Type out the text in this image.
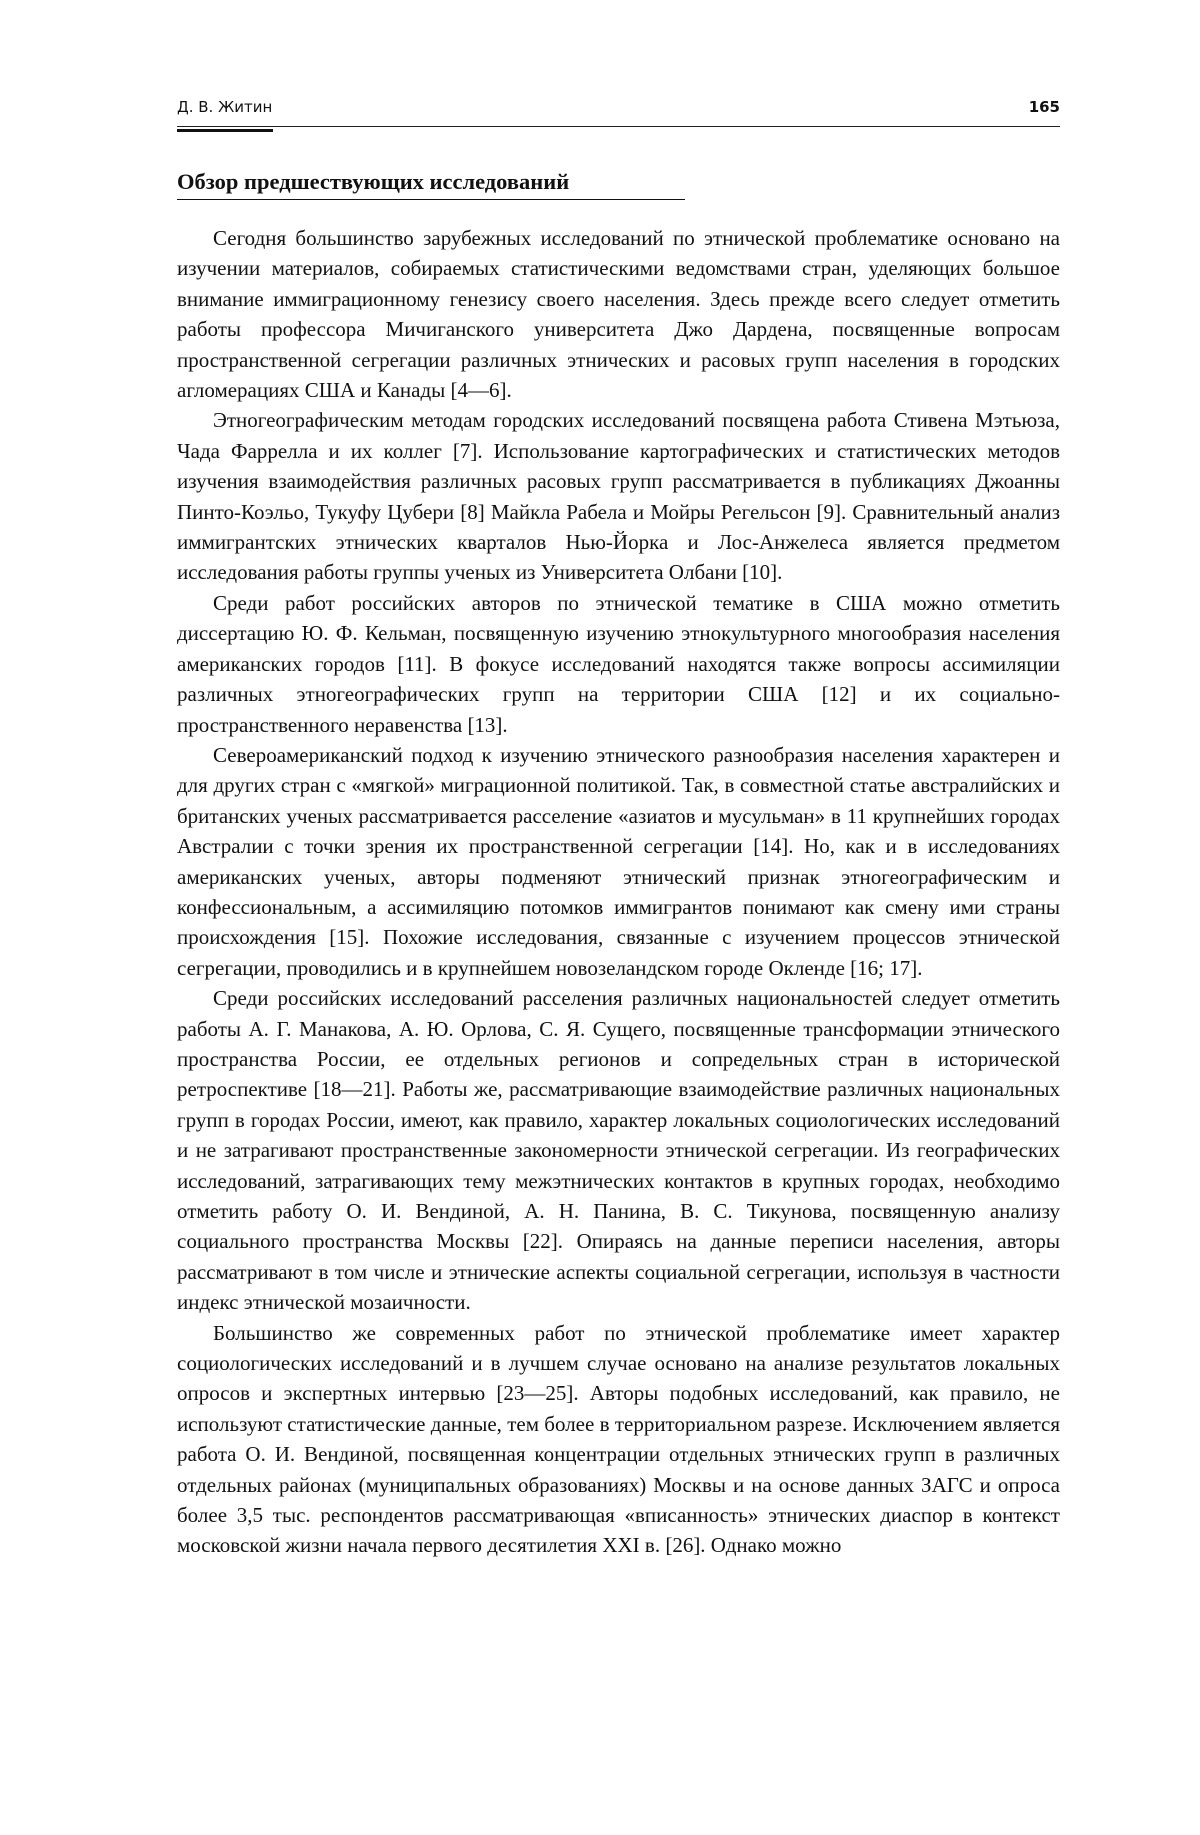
Д. В. Житин	165
Обзор предшествующих исследований

Сегодня большинство зарубежных исследований по этнической проблематике основано на изучении материалов, собираемых статистическими ведомствами стран, уделяющих большое внимание иммиграционному генезису своего населения. Здесь прежде всего следует отметить работы профессора Мичиганского университета Джо Дардена, посвященные вопросам пространственной сегрегации различных этнических и расовых групп населения в городских агломерациях США и Канады [4—6].

Этногеографическим методам городских исследований посвящена работа Стивена Мэтьюза, Чада Фаррелла и их коллег [7]. Использование картографических и статистических методов изучения взаимодействия различных расовых групп рассматривается в публикациях Джоанны Пинто-Коэльо, Тукуфу Цубери [8] Майкла Рабела и Мойры Регельсон [9]. Сравнительный анализ иммигрантских этнических кварталов Нью-Йорка и Лос-Анжелеса является предметом исследования работы группы ученых из Университета Олбани [10].

Среди работ российских авторов по этнической тематике в США можно отметить диссертацию Ю. Ф. Кельман, посвященную изучению этнокультурного многообразия населения американских городов [11]. В фокусе исследований находятся также вопросы ассимиляции различных этногеографических групп на территории США [12] и их социально-пространственного неравенства [13].

Североамериканский подход к изучению этнического разнообразия населения характерен и для других стран с «мягкой» миграционной политикой. Так, в совместной статье австралийских и британских ученых рассматривается расселение «азиатов и мусульман» в 11 крупнейших городах Австралии с точки зрения их пространственной сегрегации [14]. Но, как и в исследованиях американских ученых, авторы подменяют этнический признак этногеографическим и конфессиональным, а ассимиляцию потомков иммигрантов понимают как смену ими страны происхождения [15]. Похожие исследования, связанные с изучением процессов этнической сегрегации, проводились и в крупнейшем новозеландском городе Окленде [16; 17].

Среди российских исследований расселения различных национальностей следует отметить работы А. Г. Манакова, А. Ю. Орлова, С. Я. Сущего, посвященные трансформации этнического пространства России, ее отдельных регионов и сопредельных стран в исторической ретроспективе [18—21]. Работы же, рассматривающие взаимодействие различных национальных групп в городах России, имеют, как правило, характер локальных социологических исследований и не затрагивают пространственные закономерности этнической сегрегации. Из географических исследований, затрагивающих тему межэтнических контактов в крупных городах, необходимо отметить работу О. И. Вендиной, А. Н. Панина, В. С. Тикунова, посвященную анализу социального пространства Москвы [22]. Опираясь на данные переписи населения, авторы рассматривают в том числе и этнические аспекты социальной сегрегации, используя в частности индекс этнической мозаичности.

Большинство же современных работ по этнической проблематике имеет характер социологических исследований и в лучшем случае основано на анализе результатов локальных опросов и экспертных интервью [23—25]. Авторы подобных исследований, как правило, не используют статистические данные, тем более в территориальном разрезе. Исключением является работа О. И. Вендиной, посвященная концентрации отдельных этнических групп в различных отдельных районах (муниципальных образованиях) Москвы и на основе данных ЗАГС и опроса более 3,5 тыс. респондентов рассматривающая «вписанность» этнических диаспор в контекст московской жизни начала первого десятилетия XXI в. [26]. Однако можно
